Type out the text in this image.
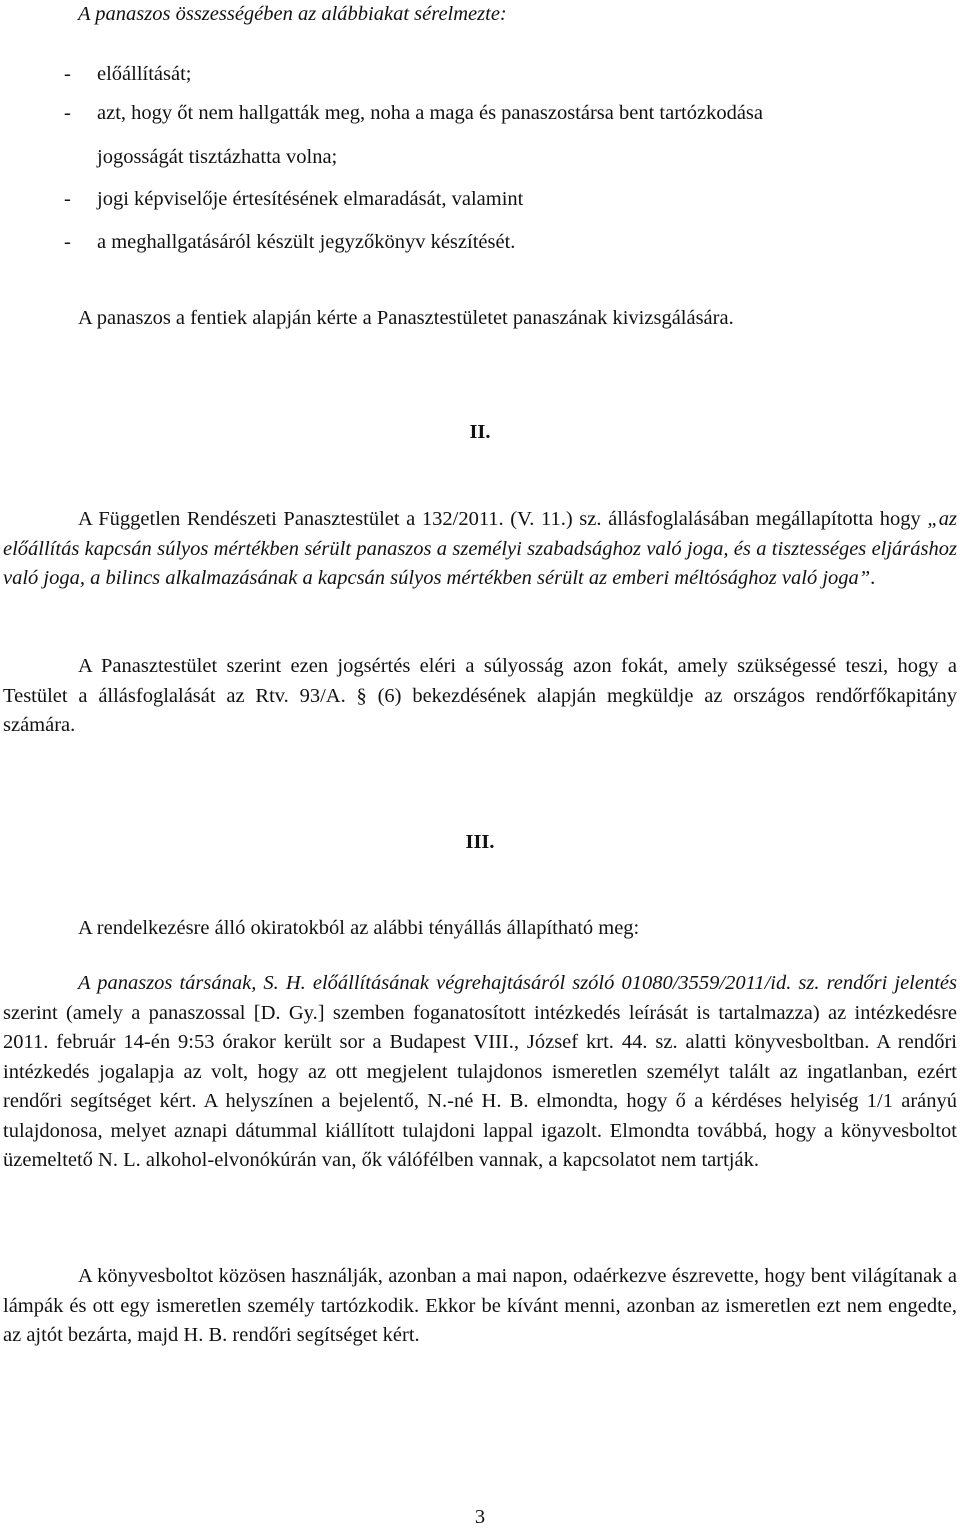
A panaszos összességében az alábbiakat sérelmezte:
- előállítását;
- azt, hogy őt nem hallgatták meg, noha a maga és panaszostársa bent tartózkodása
jogosságát tisztázhatta volna;
- jogi képviselője értesítésének elmaradását, valamint
- a meghallgatásáról készült jegyzőkönyv készítését.
A panaszos a fentiek alapján kérte a Panasztestületet panaszának kivizsgálására.
II.
A Független Rendészeti Panasztestület a 132/2011. (V. 11.) sz. állásfoglalásában megállapította hogy „az előállítás kapcsán súlyos mértékben sérült panaszos a személyi szabadsághoz való joga, és a tisztességes eljáráshoz való joga, a bilincs alkalmazásának a kapcsán súlyos mértékben sérült az emberi méltósághoz való joga”.
A Panasztestület szerint ezen jogsértés eléri a súlyosság azon fokát, amely szükségessé teszi, hogy a Testület a állásfoglalását az Rtv. 93/A. § (6) bekezdésének alapján megküldje az országos rendőrfőkapitány számára.
III.
A rendelkezésre álló okiratokból az alábbi tényállás állapítható meg:
A panaszos társának, S. H. előállításának végrehajtásáról szóló 01080/3559/2011/id. sz. rendőri jelentés szerint (amely a panaszossal [D. Gy.] szemben foganatosított intézkedés leírását is tartalmazza) az intézkedésre 2011. február 14-én 9:53 órakor került sor a Budapest VIII., József krt. 44. sz. alatti könyvesboltban. A rendőri intézkedés jogalapja az volt, hogy az ott megjelent tulajdonos ismeretlen személyt talált az ingatlanban, ezért rendőri segítséget kért. A helyszínen a bejelentő, N.-né H. B. elmondta, hogy ő a kérdéses helyiség 1/1 arányú tulajdonosa, melyet aznapi dátummal kiállított tulajdoni lappal igazolt. Elmondta továbbá, hogy a könyvesboltot üzemeltető N. L. alkohol-elvonókúrán van, ők válófélben vannak, a kapcsolatot nem tartják.
A könyvesboltot közösen használják, azonban a mai napon, odaérkezve észrevette, hogy bent világítanak a lámpák és ott egy ismeretlen személy tartózkodik. Ekkor be kívánt menni, azonban az ismeretlen ezt nem engedte, az ajtót bezárta, majd H. B. rendőri segítséget kért.
3
